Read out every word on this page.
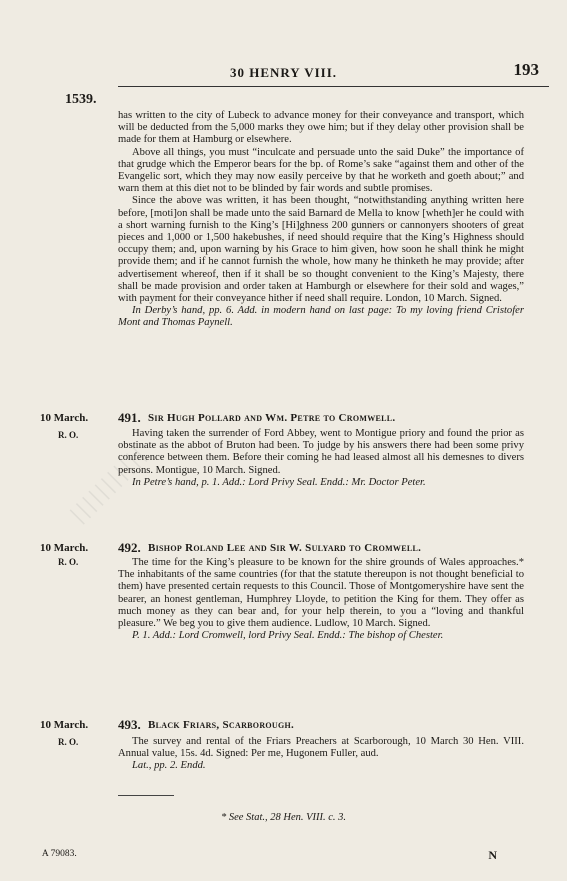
|||||||||||
|||||||||||
1539.
30 HENRY VIII.	193

has written to the city of Lubeck to advance money for their conveyance and transport, which will be deducted from the 5,000 marks they owe him; but if they delay other provision shall be made for them at Hamburg or elsewhere.

Above all things, you must “inculcate and persuade unto the said Duke” the importance of that grudge which the Emperor bears for the bp. of Rome’s sake “against them and other of the Evangelic sort, which they may now easily perceive by that he worketh and goeth about;” and warn them at this diet not to be blinded by fair words and subtle promises.

Since the above was written, it has been thought, “notwithstanding anything written here before, [moti]on shall be made unto the said Barnard de Mella to know [wheth]er he could with a short warning furnish to the King’s [Hi]ghness 200 gunners or cannonyers shooters of great pieces and 1,000 or 1,500 hakebushes, if need should require that the King’s Highness should occupy them; and, upon warning by his Grace to him given, how soon he shall think he might provide them; and if he cannot furnish the whole, how many he thinketh he may provide; after advertisement whereof, then if it shall be so thought convenient to the King’s Majesty, there shall be made provision and order taken at Hamburgh or elsewhere for their sold and wages,” with payment for their conveyance hither if need shall require. London, 10 March. Signed.

In Derby’s hand, pp. 6. Add. in modern hand on last page: To my loving friend Cristofer Mont and Thomas Paynell.

10 March.
R. O.
491. Sir Hugh Pollard and Wm. Petre to Cromwell.

Having taken the surrender of Ford Abbey, went to Montigue priory and found the prior as obstinate as the abbot of Bruton had been. To judge by his answers there had been some privy conference between them. Before their coming he had leased almost all his demesnes to divers persons. Montigue, 10 March. Signed.

In Petre’s hand, p. 1. Add.: Lord Privy Seal. Endd.: Mr. Doctor Peter.

10 March.
R. O.
492. Bishop Roland Lee and Sir W. Sulyard to Cromwell.

The time for the King’s pleasure to be known for the shire grounds of Wales approaches.* The inhabitants of the same countries (for that the statute thereupon is not thought beneficial to them) have presented certain requests to this Council. Those of Montgomeryshire have sent the bearer, an honest gentleman, Humphrey Lloyde, to petition the King for them. They offer as much money as they can bear and, for your help therein, to you a “loving and thankful pleasure.” We beg you to give them audience. Ludlow, 10 March. Signed.

P. 1. Add.: Lord Cromwell, lord Privy Seal. Endd.: The bishop of Chester.

10 March.
R. O.
493. Black Friars, Scarborough.

The survey and rental of the Friars Preachers at Scarborough, 10 March 30 Hen. VIII. Annual value, 15s. 4d. Signed: Per me, Hugonem Fuller, aud.

Lat., pp. 2. Endd.

* See Stat., 28 Hen. VIII. c. 3.
 A 79083.	N
